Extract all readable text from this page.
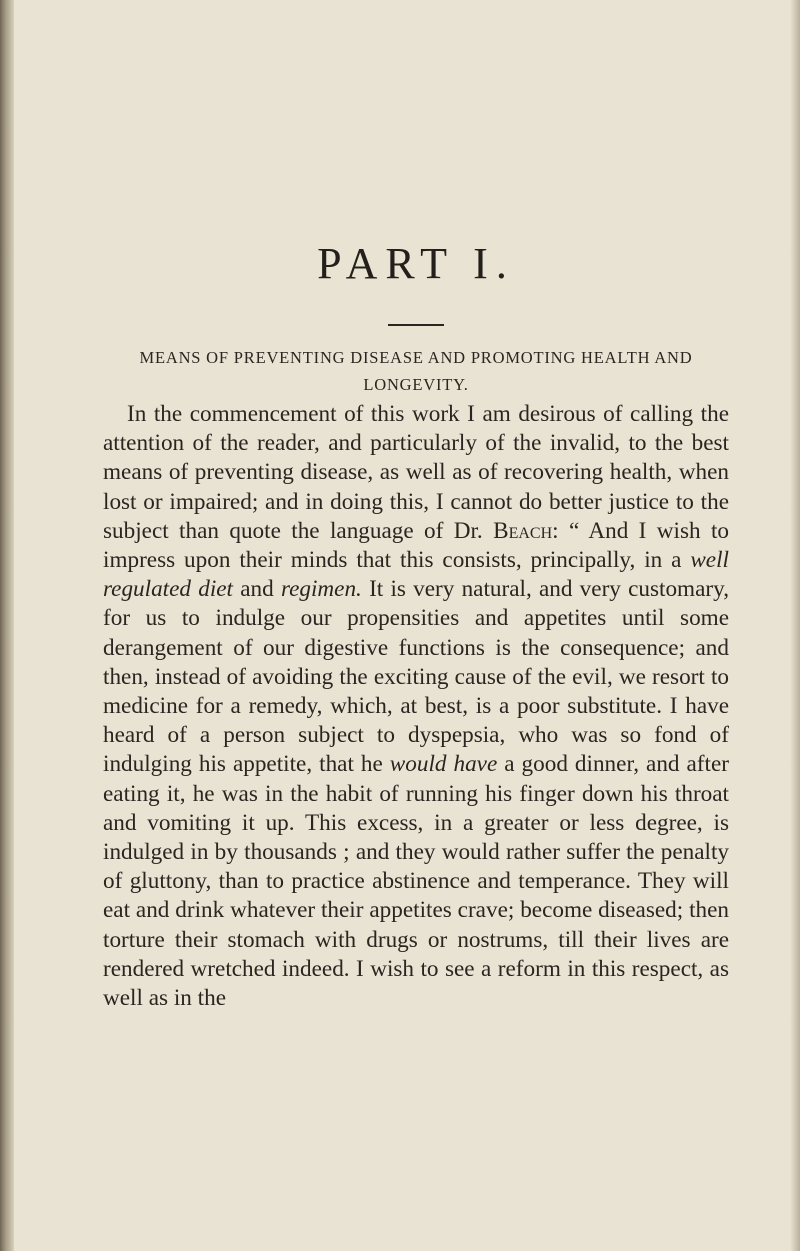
PART I.

MEANS OF PREVENTING DISEASE AND PROMOTING HEALTH AND LONGEVITY.

In the commencement of this work I am desirous of calling the attention of the reader, and particularly of the invalid, to the best means of preventing disease, as well as of recovering health, when lost or impaired; and in doing this, I cannot do better justice to the subject than quote the language of Dr. Beach: “ And I wish to impress upon their minds that this consists, principally, in a well regulated diet and regimen. It is very natural, and very customary, for us to indulge our propensities and appetites until some derangement of our digestive functions is the consequence; and then, instead of avoiding the exciting cause of the evil, we resort to medicine for a remedy, which, at best, is a poor substitute. I have heard of a person subject to dyspepsia, who was so fond of indulging his appetite, that he would have a good dinner, and after eating it, he was in the habit of running his finger down his throat and vomiting it up. This excess, in a greater or less degree, is indulged in by thousands ; and they would rather suffer the penalty of gluttony, than to practice abstinence and temperance. They will eat and drink whatever their appetites crave; become diseased; then torture their stomach with drugs or nostrums, till their lives are rendered wretched indeed. I wish to see a reform in this respect, as well as in the
